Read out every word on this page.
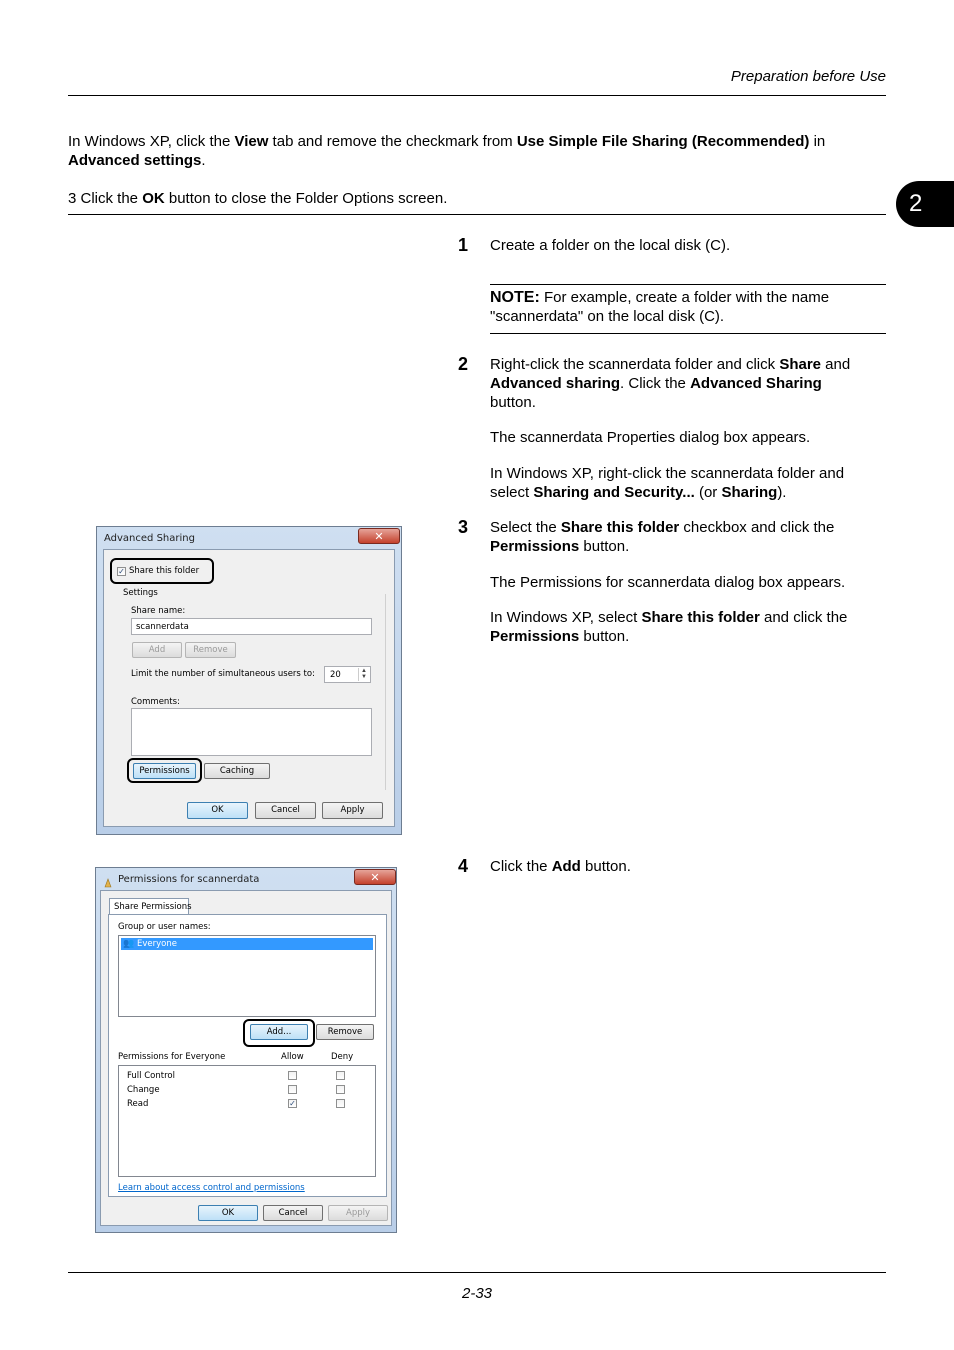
Preparation before Use
2
In Windows XP, click the View tab and remove the checkmark from Use Simple File Sharing (Recommended) in
Advanced settings.
3 Click the OK button to close the Folder Options screen.
1 Create a folder on the local disk (C).
NOTE: For example, create a folder with the name
"scannerdata" on the local disk (C).
2 Right-click the scannerdata folder and click Share and
Advanced sharing. Click the Advanced Sharing
button.
The scannerdata Properties dialog box appears.
In Windows XP, right-click the scannerdata folder and
select Sharing and Security... (or Sharing).
3 Select the Share this folder checkbox and click the
Permissions button.
The Permissions for scannerdata dialog box appears.
In Windows XP, select Share this folder and click the
Permissions button.
4 Click the Add button.
Advanced Sharing	✕
✓ Share this folder
Settings
Share name:
scannerdata
Add	Remove
Limit the number of simultaneous users to: 20	▲
▼
Comments:
Permissions	Caching
OK	Cancel	Apply
Permissions for scannerdata	✕
Share Permissions
Group or user names:
👥 Everyone
Add...	Remove
Permissions for Everyone	Allow	Deny
Full Control
Change
Read	✓
Learn about access control and permissions
OK	Cancel	Apply
2-33
